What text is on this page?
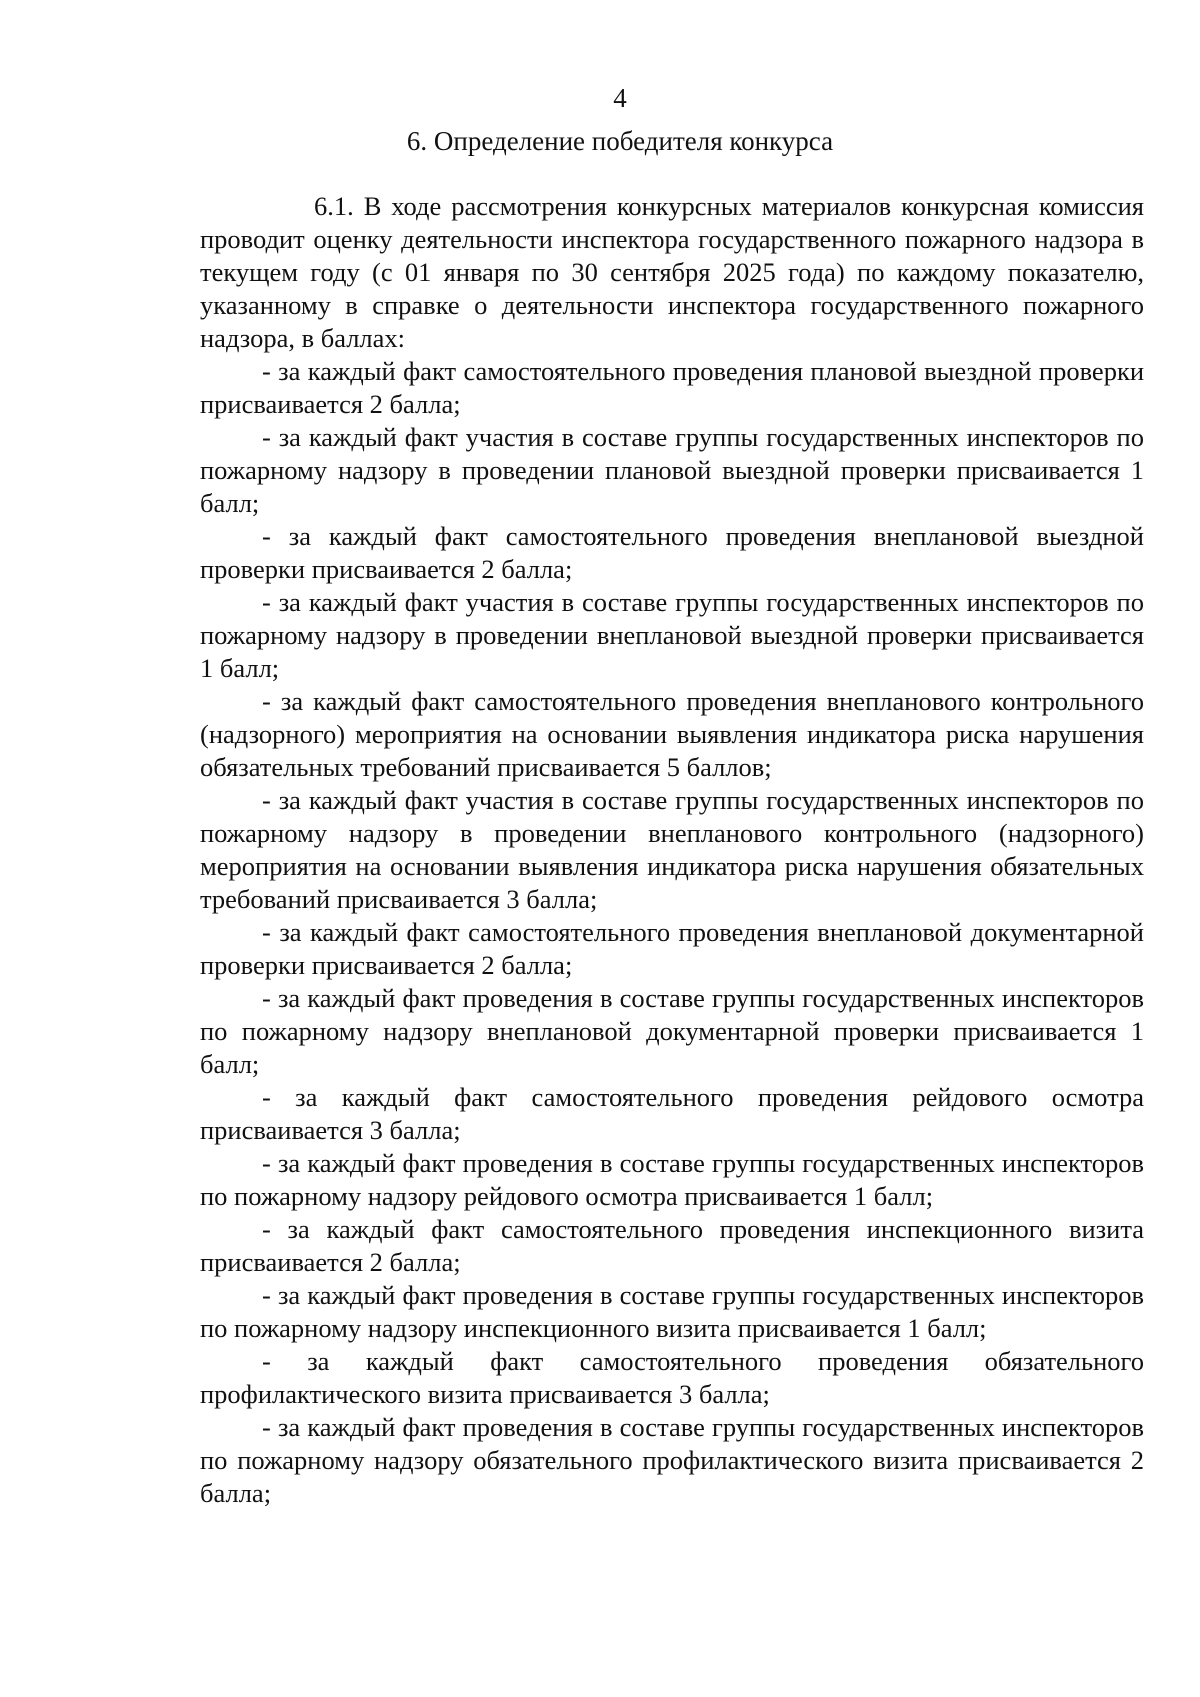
4
6. Определение победителя конкурса

6.1. В ходе рассмотрения конкурсных материалов конкурсная комиссия проводит оценку деятельности инспектора государственного пожарного надзора в текущем году (с 01 января по 30 сентября 2025 года) по каждому показателю, указанному в справке о деятельности инспектора государственного пожарного надзора, в баллах:

- за каждый факт самостоятельного проведения плановой выездной проверки присваивается 2 балла;

- за каждый факт участия в составе группы государственных инспекторов по пожарному надзору в проведении плановой выездной проверки присваивается 1 балл;

- за каждый факт самостоятельного проведения внеплановой выездной проверки присваивается 2 балла;

- за каждый факт участия в составе группы государственных инспекторов по пожарному надзору в проведении внеплановой выездной проверки присваивается 1 балл;

- за каждый факт самостоятельного проведения внепланового контрольного (надзорного) мероприятия на основании выявления индикатора риска нарушения обязательных требований присваивается 5 баллов;

- за каждый факт участия в составе группы государственных инспекторов по пожарному надзору в проведении внепланового контрольного (надзорного) мероприятия на основании выявления индикатора риска нарушения обязательных требований присваивается 3 балла;

- за каждый факт самостоятельного проведения внеплановой документарной проверки присваивается 2 балла;

- за каждый факт проведения в составе группы государственных инспекторов по пожарному надзору внеплановой документарной проверки присваивается 1 балл;

- за каждый факт самостоятельного проведения рейдового осмотра присваивается 3 балла;

- за каждый факт проведения в составе группы государственных инспекторов по пожарному надзору рейдового осмотра присваивается 1 балл;

- за каждый факт самостоятельного проведения инспекционного визита присваивается 2 балла;

- за каждый факт проведения в составе группы государственных инспекторов по пожарному надзору инспекционного визита присваивается 1 балл;

- за каждый факт самостоятельного проведения обязательного профилактического визита присваивается 3 балла;

- за каждый факт проведения в составе группы государственных инспекторов по пожарному надзору обязательного профилактического визита присваивается 2 балла;
